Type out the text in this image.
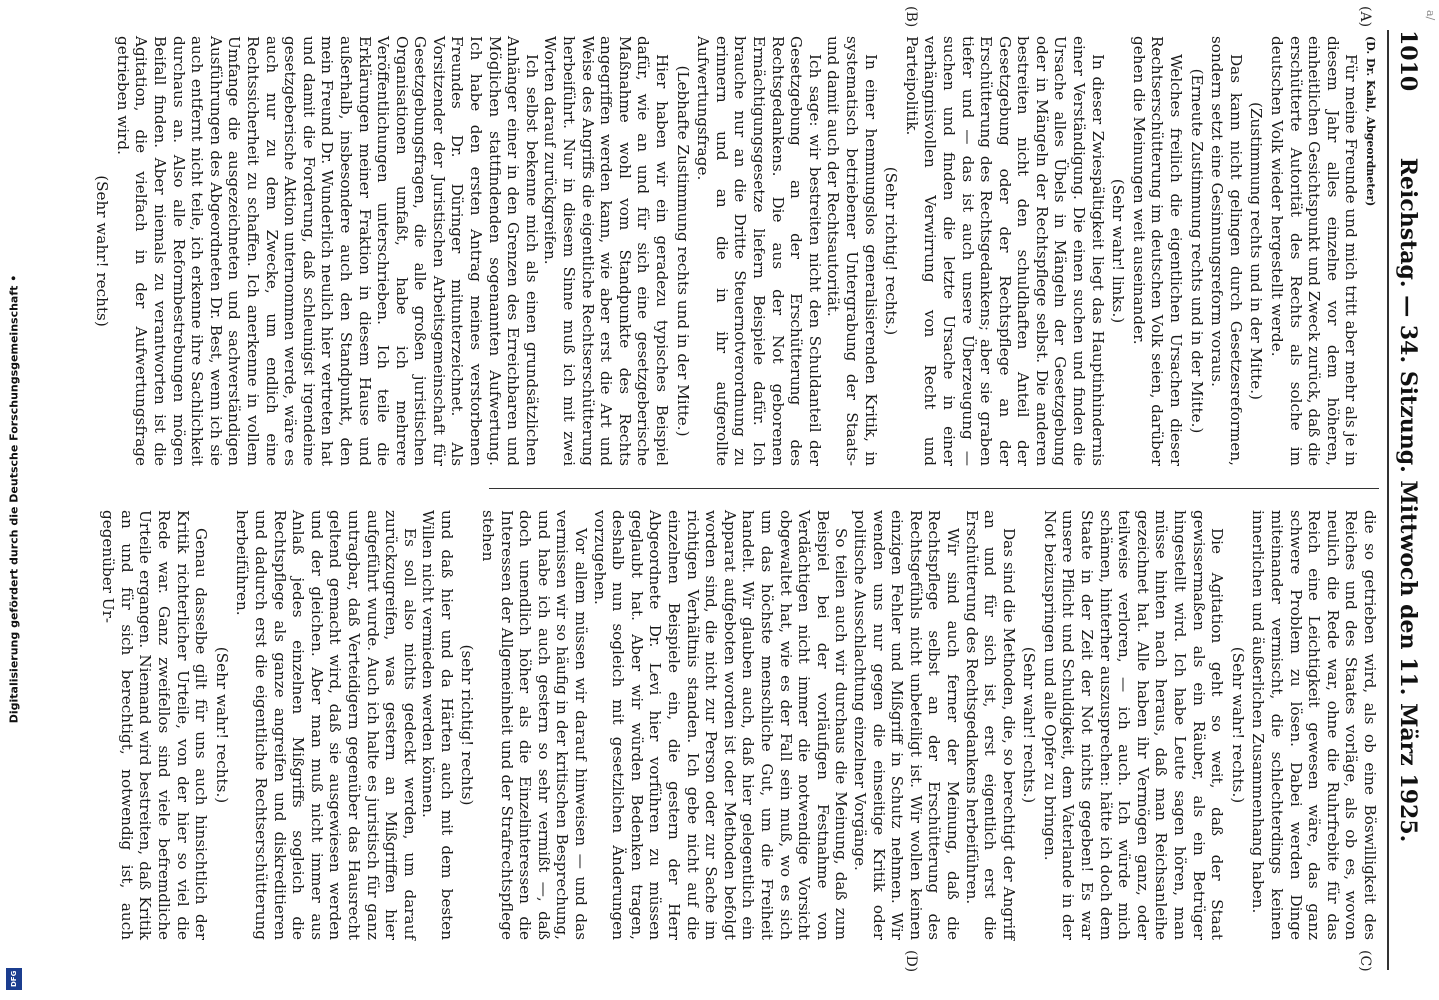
a/
1010
Reichstag. — 34. Sitzung. Mittwoch den 11. März 1925.
(A)
(B)
(C)
(D)

(D. Dr. Kahl, Abgeordneter)

Für meine Freunde und mich tritt aber mehr als je in diesem Jahr alles einzelne vor dem höheren, einheitlichen Gesichtspunkt und Zweck zurück, daß die erschütterte Autorität des Rechts als solche im deutschen Volk wieder hergestellt werde.

(Zustimmung rechts und in der Mitte.)

Das kann nicht gelingen durch Gesetzesreformen, sondern setzt eine Gesinnungsreform voraus.

(Erneute Zustimmung rechts und in der Mitte.)

Welches freilich die eigentlichen Ursachen dieser Rechtserschütterung im deutschen Volk seien, darüber gehen die Meinungen weit auseinander.

(Sehr wahr! links.)

In dieser Zwiespältigkeit liegt das Hauptinhindernis einer Verständigung. Die einen suchen und finden die Ursache alles Übels in Mängeln der Gesetzgebung oder in Mängeln der Rechtspflege selbst. Die anderen bestreiten nicht den schuldhaften Anteil der Gesetzgebung oder der Rechtspflege an der Erschütterung des Rechtsgedankens; aber sie graben tiefer und — das ist auch unsere Überzeugung — suchen und finden die letzte Ursache in einer verhängnisvollen Verwirrung von Recht und Parteipolitik.

(Sehr richtig! rechts.)

In einer hemmungslos generalisierenden Kritik, in systematisch betriebener Untergrabung der Staats- und damit auch der Rechtsautorität.

Ich sage: wir bestreiten nicht den Schuldanteil der Gesetzgebung an der Erschütterung des Rechtsgedankens. Die aus der Not geborenen Ermächtigungsgesetze liefern Beispiele dafür. Ich brauche nur an die Dritte Steuernotverordnung zu erinnern und an die in ihr aufgerollte Aufwertungsfrage.

(Lebhafte Zustimmung rechts und in der Mitte.)

Hier haben wir ein geradezu typisches Beispiel dafür, wie an und für sich eine gesetzgeberische Maßnahme wohl vom Standpunkte des Rechts angegriffen werden kann, wie aber erst die Art und Weise des Angriffs die eigentliche Rechtserschütterung herbeiführt. Nur in diesem Sinne muß ich mit zwei Worten darauf zurückgreifen.

Ich selbst bekenne mich als einen grundsätzlichen Anhänger einer in den Grenzen des Erreichbaren und Möglichen stattfindenden sogenannten Aufwertung. Ich habe den ersten Antrag meines verstorbenen Freundes Dr. Düringer mitunterzeichnet. Als Vorsitzender der Juristischen Arbeitsgemeinschaft für Gesetzgebungsfragen, die alle großen juristischen Organisationen umfaßt, habe ich mehrere Veröffentlichungen unterschrieben. Ich teile die Erklärungen meiner Fraktion in diesem Hause und außerhalb, insbesondere auch den Standpunkt, den mein Freund Dr. Wunderlich neulich hier vertreten hat und damit die Forderung, daß schleunigst irgendeine gesetzgeberische Aktion unternommen werde, wäre es auch nur zu dem Zwecke, um endlich eine Rechtssicherheit zu schaffen. Ich anerkenne in vollem Umfange die ausgezeichneten und sachverständigen Ausführungen des Abgeordneten Dr. Best, wenn ich sie auch entfernt nicht teile, ich erkenne ihre Sachlichkeit durchaus an. Also alle Reformbestrebungen mögen Beifall finden. Aber niemals zu verantworten ist die Agitation, die vielfach in der Aufwertungsfrage getrieben wird.

(Sehr wahr! rechts)

die so getrieben wird, als ob eine Böswilligkeit des Reiches und des Staates vorläge, als ob es, wovon neulich die Rede war, ohne die Ruhrfrebite für das Reich eine Leichtigkeit gewesen wäre, das ganz schwere Problem zu lösen. Dabei werden Dinge miteinander vermischt, die schlechterdings keinen innerlichen und äußerlichen Zusammenhang haben.

(Sehr wahr! rechts.)

Die Agitation geht so weit, daß der Staat gewissermaßen als ein Räuber, als ein Betrüger hingestellt wird. Ich habe Leute sagen hören, man müsse hinten nach heraus, daß man Reichsanleihe gezeichnet hat. Alle haben ihr Vermögen ganz, oder teilweise verloren, — ich auch. Ich würde mich schämen, hinterher auszusprechen: hätte ich doch dem Staate in der Zeit der Not nichts gegeben! Es war unsere Pflicht und Schuldigkeit, dem Vaterlande in der Not beizuspringen und alle Opfer zu bringen.

(Sehr wahr! rechts.)

Das sind die Methoden, die, so berechtigt der Angriff an und für sich ist, erst eigentlich erst die Erschütterung des Rechtsgedankens herbeiführen.

Wir sind auch ferner der Meinung, daß die Rechtspflege selbst an der Erschütterung des Rechtsgefühls nicht unbeteiligt ist. Wir wollen keinen einzigen Fehler und Mißgriff in Schutz nehmen. Wir wenden uns nur gegen die einseitige Kritik oder politische Ausschlachtung einzelner Vorgänge.

So teilen auch wir durchaus die Meinung, daß zum Beispiel bei der vorläufigen Festnahme von Verdächtigen nicht immer die notwendige Vorsicht obgewaltet hat, wie es der Fall sein muß, wo es sich um das höchste menschliche Gut, um die Freiheit handelt. Wir glauben auch, daß hier gelegentlich ein Apparat aufgeboten worden ist oder Methoden befolgt worden sind, die nicht zur Person oder zur Sache im richtigen Verhältnis standen. Ich gebe nicht auf die einzelnen Beispiele ein, die gestern der Herr Abgeordnete Dr. Levi hier vorführen zu müssen geglaubt hat. Aber wir würden Bedenken tragen, deshalb nun sogleich mit gesetzlichen Änderungen vorzugehen.

Vor allem müssen wir darauf hinweisen — und das vermissen wir so häufig in der kritischen Besprechung, und habe ich auch gestern so sehr vermißt —, daß doch unendlich höher als die Einzelinteressen die Interessen der Allgemeinheit und der Strafrechtspflege stehen

(sehr richtig! rechts)

und daß hier und da Härten auch mit dem besten Willen nicht vermieden werden können.

Es soll also nichts gedeckt werden, um darauf zurückzugreifen, was gestern an Mißgriffen hier aufgeführt wurde. Auch ich halte es juristisch für ganz untragbar, daß Verteidigern gegenüber das Hausrecht geltend gemacht wird, daß sie ausgewiesen werden und der gleichen. Aber man muß nicht immer aus Anlaß jedes einzelnen Mißgriffs sogleich die Rechtspflege als ganze angreifen und diskreditieren und dadurch erst die eigentliche Rechtserschütterung herbeiführen.

(Sehr wahr! rechts.)

Genau dasselbe gilt für uns auch hinsichtlich der Kritik richterlicher Urteile, von der hier so viel die Rede war. Ganz zweifellos sind viele befremdliche Urteile ergangen. Niemand wird bestreiten, daß Kritik an und für sich berechtigt, notwendig ist, auch gegenüber Ur-

Digitalisierung gefördert durch die Deutsche Forschungsgemeinschaft •
DFG
